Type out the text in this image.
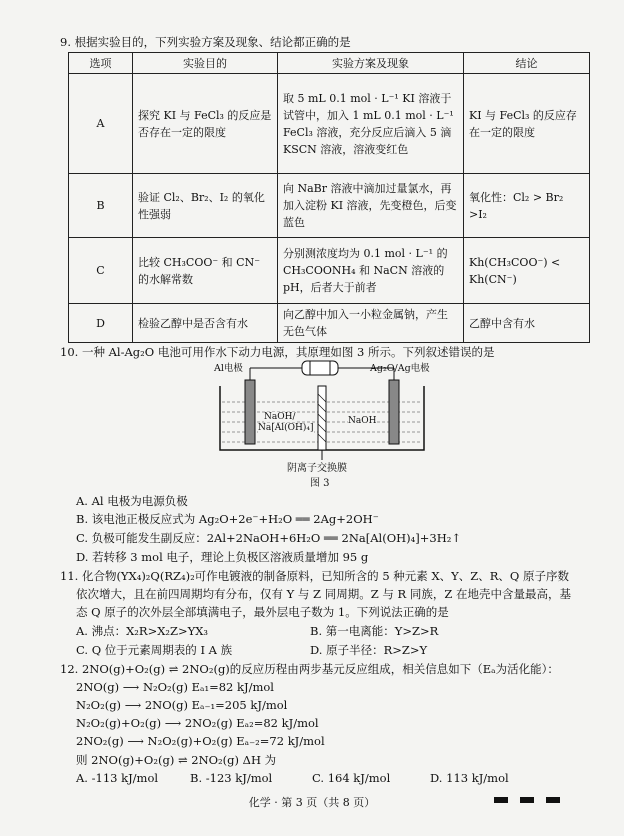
9. 根据实验目的，下列实验方案及现象、结论都正确的是
选项	实验目的	实验方案及现象	结论
A	探究 KI 与 FeCl₃ 的反应是否存在一定的限度	取 5 mL 0.1 mol · L⁻¹ KI 溶液于试管中，加入 1 mL 0.1 mol · L⁻¹ FeCl₃ 溶液，充分反应后滴入 5 滴 KSCN 溶液，溶液变红色	KI 与 FeCl₃ 的反应存在一定的限度
B	验证 Cl₂、Br₂、I₂ 的氧化性强弱	向 NaBr 溶液中滴加过量氯水，再加入淀粉 KI 溶液，先变橙色，后变蓝色	氧化性：Cl₂ > Br₂ >I₂
C	比较 CH₃COO⁻ 和 CN⁻ 的水解常数	分别测浓度均为 0.1 mol · L⁻¹ 的 CH₃COONH₄ 和 NaCN 溶液的 pH，后者大于前者	Kh(CH₃COO⁻) < Kh(CN⁻)
D	检验乙醇中是否含有水	向乙醇中加入一小粒金属钠，产生无色气体	乙醇中含有水
10. 一种 Al-Ag₂O 电池可用作水下动力电源，其原理如图 3 所示。下列叙述错误的是
Al电极	Ag₂O/Ag电极
NaOH/
Na[Al(OH)₄]
NaOH
阴离子交换膜
图 3
A. Al 电极为电源负极
B. 该电池正极反应式为 Ag₂O+2e⁻+H₂O ══ 2Ag+2OH⁻
C. 负极可能发生副反应：2Al+2NaOH+6H₂O ══ 2Na[Al(OH)₄]+3H₂↑
D. 若转移 3 mol 电子，理论上负极区溶液质量增加 95 g
11. 化合物(YX₄)₂Q(RZ₄)₂可作电镀液的制备原料，已知所含的 5 种元素 X、Y、Z、R、Q 原子序数
依次增大，且在前四周期均有分布，仅有 Y 与 Z 同周期。Z 与 R 同族，Z 在地壳中含量最高，基
态 Q 原子的次外层全部填满电子，最外层电子数为 1。下列说法正确的是
A. 沸点：X₂R>X₂Z>YX₃	B. 第一电离能：Y>Z>R
C. Q 位于元素周期表的 Ⅰ A 族	D. 原子半径：R>Z>Y
12. 2NO(g)+O₂(g) ⇌ 2NO₂(g)的反应历程由两步基元反应组成，相关信息如下（Eₐ为活化能）：
2NO(g) ⟶ N₂O₂(g) Eₐ₁=82 kJ/mol
N₂O₂(g) ⟶ 2NO(g) Eₐ₋₁=205 kJ/mol
N₂O₂(g)+O₂(g) ⟶ 2NO₂(g) Eₐ₂=82 kJ/mol
2NO₂(g) ⟶ N₂O₂(g)+O₂(g) Eₐ₋₂=72 kJ/mol
则 2NO(g)+O₂(g) ⇌ 2NO₂(g) ΔH 为
A. -113 kJ/mol	B. -123 kJ/mol	C. 164 kJ/mol	D. 113 kJ/mol
化学 · 第 3 页（共 8 页）
